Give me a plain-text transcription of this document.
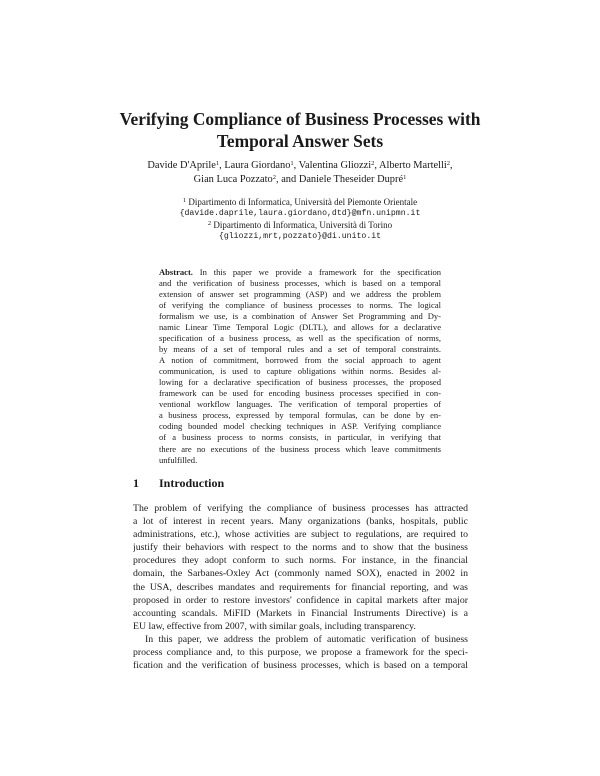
Verifying Compliance of Business Processes with
Temporal Answer Sets
Davide D'Aprile$^1$, Laura Giordano$^1$, Valentina Gliozzi$^2$, Alberto Martelli$^2$,
Gian Luca Pozzato$^2$, and Daniele Theseider Dupré$^1$
$^1$ Dipartimento di Informatica, Università del Piemonte Orientale
{davide.daprile,laura.giordano,dtd}@mfn.unipmn.it
$^2$ Dipartimento di Informatica, Università di Torino
{gliozzi,mrt,pozzato}@di.unito.it
Abstract. In this paper we provide a framework for the specification
and the verification of business processes, which is based on a temporal
extension of answer set programming (ASP) and we address the problem
of verifying the compliance of business processes to norms. The logical
formalism we use, is a combination of Answer Set Programming and Dy-
namic Linear Time Temporal Logic (DLTL), and allows for a declarative
specification of a business process, as well as the specification of norms,
by means of a set of temporal rules and a set of temporal constraints.
A notion of commitment, borrowed from the social approach to agent
communication, is used to capture obligations within norms. Besides al-
lowing for a declarative specification of business processes, the proposed
framework can be used for encoding business processes specified in con-
ventional workflow languages. The verification of temporal properties of
a business process, expressed by temporal formulas, can be done by en-
coding bounded model checking techniques in ASP. Verifying compliance
of a business process to norms consists, in particular, in verifying that
there are no executions of the business process which leave commitments
unfulfilled.
1 Introduction
The problem of verifying the compliance of business processes has attracted
a lot of interest in recent years. Many organizations (banks, hospitals, public
administrations, etc.), whose activities are subject to regulations, are required to
justify their behaviors with respect to the norms and to show that the business
procedures they adopt conform to such norms. For instance, in the financial
domain, the Sarbanes-Oxley Act (commonly named SOX), enacted in 2002 in
the USA, describes mandates and requirements for financial reporting, and was
proposed in order to restore investors' confidence in capital markets after major
accounting scandals. MiFID (Markets in Financial Instruments Directive) is a
EU law, effective from 2007, with similar goals, including transparency.
In this paper, we address the problem of automatic verification of business
process compliance and, to this purpose, we propose a framework for the speci-
fication and the verification of business processes, which is based on a temporal
